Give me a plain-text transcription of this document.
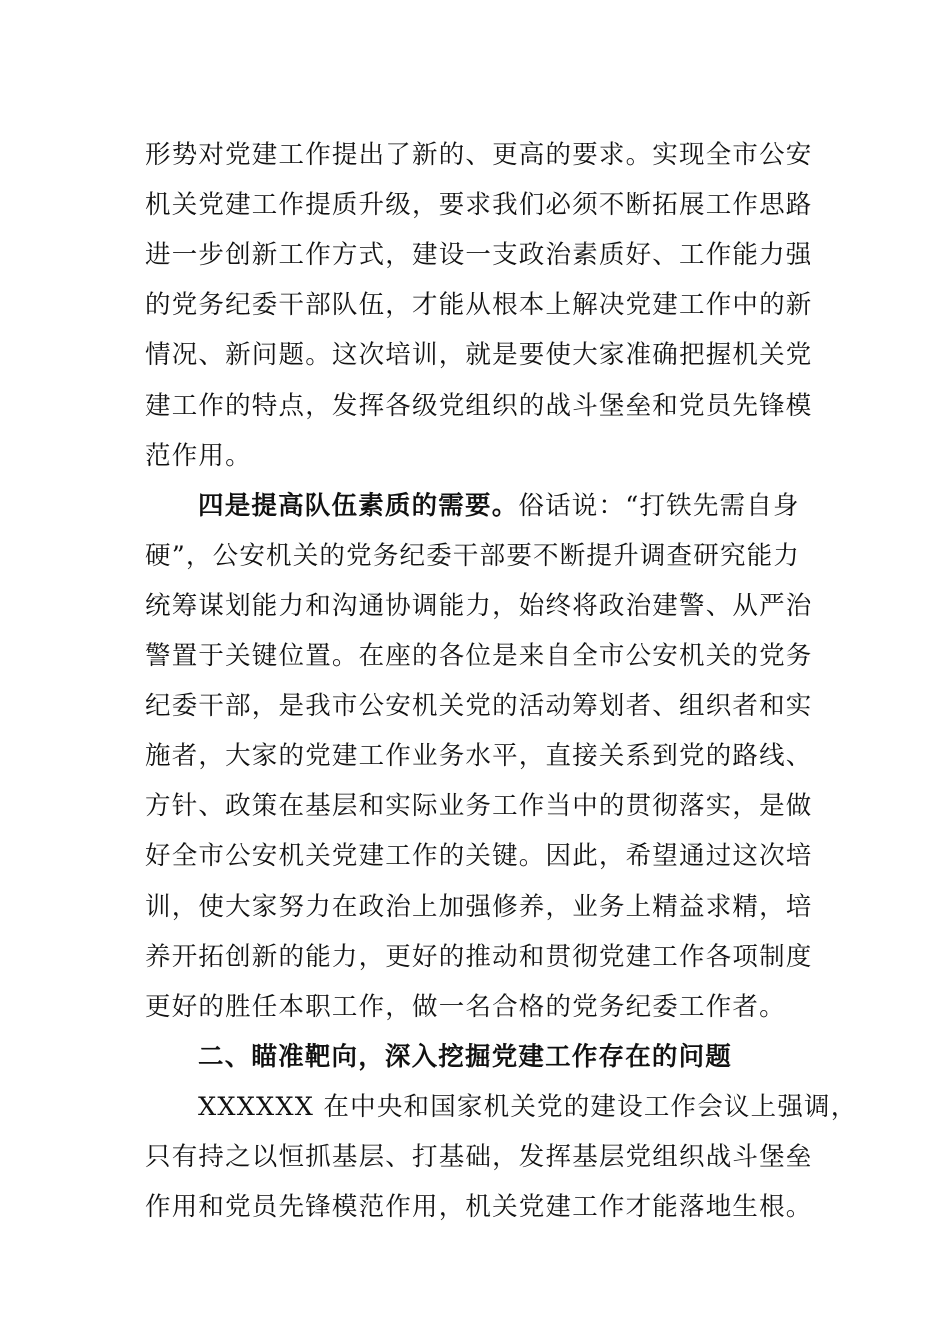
形势对党建工作提出了新的、更高的要求。实现全市公安
机关党建工作提质升级，要求我们必须不断拓展工作思路
进一步创新工作方式，建设一支政治素质好、工作能力强
的党务纪委干部队伍，才能从根本上解决党建工作中的新
情况、新问题。这次培训，就是要使大家准确把握机关党
建工作的特点，发挥各级党组织的战斗堡垒和党员先锋模
范作用。
四是提高队伍素质的需要。俗话说：“打铁先需自身
硬”，公安机关的党务纪委干部要不断提升调查研究能力
统筹谋划能力和沟通协调能力，始终将政治建警、从严治
警置于关键位置。在座的各位是来自全市公安机关的党务
纪委干部，是我市公安机关党的活动筹划者、组织者和实
施者，大家的党建工作业务水平，直接关系到党的路线、
方针、政策在基层和实际业务工作当中的贯彻落实，是做
好全市公安机关党建工作的关键。因此，希望通过这次培
训，使大家努力在政治上加强修养，业务上精益求精，培
养开拓创新的能力，更好的推动和贯彻党建工作各项制度
更好的胜任本职工作，做一名合格的党务纪委工作者。
二、瞄准靶向，深入挖掘党建工作存在的问题
XXXXXX 在中央和国家机关党的建设工作会议上强调，
只有持之以恒抓基层、打基础，发挥基层党组织战斗堡垒
作用和党员先锋模范作用，机关党建工作才能落地生根。
